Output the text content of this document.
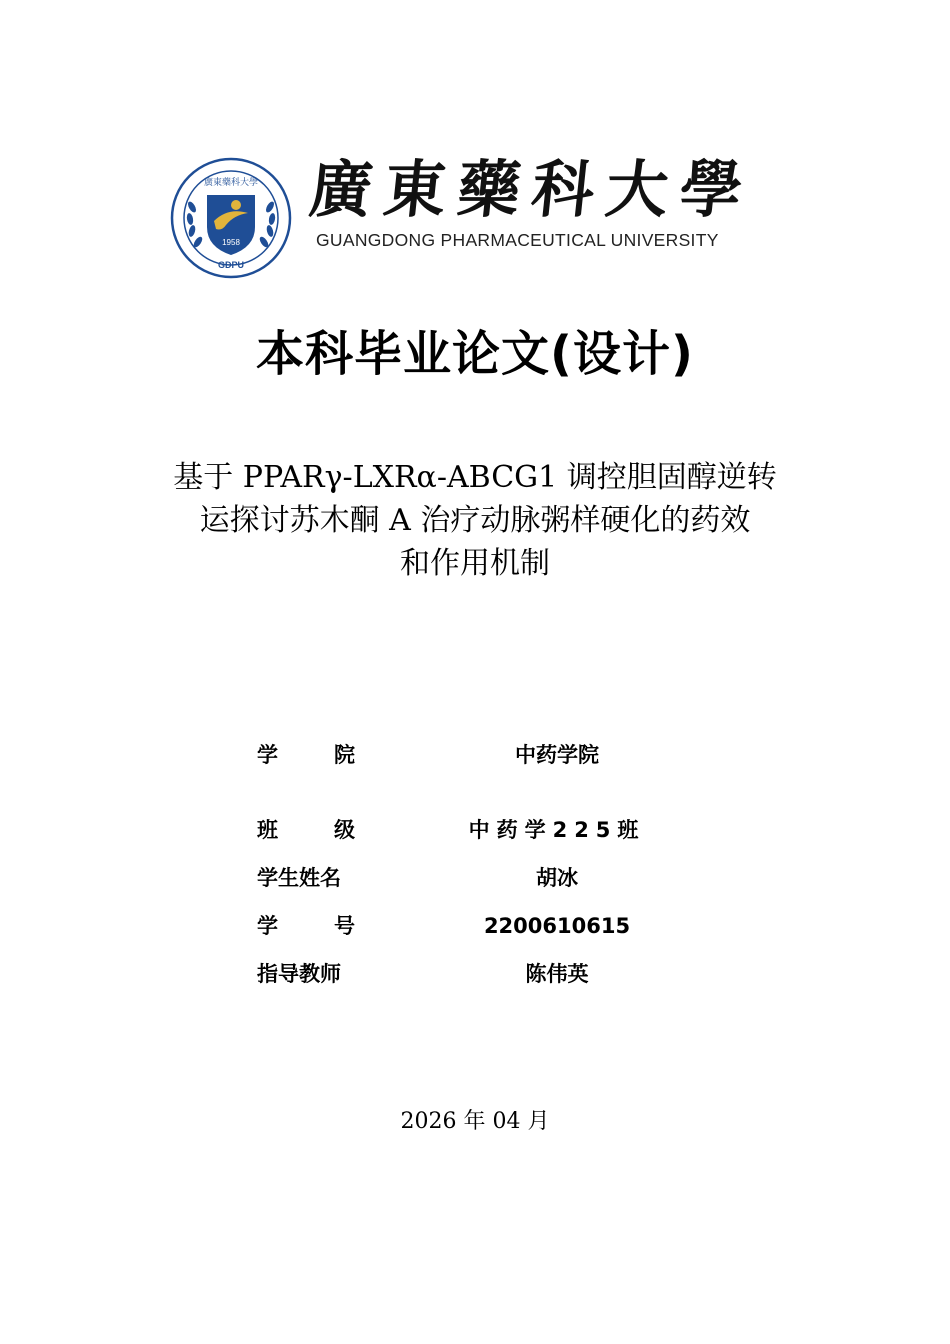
1958
廣東藥科大學
GDPU
廣東藥科大學
GUANGDONG PHARMACEUTICAL UNIVERSITY
本科毕业论文(设计)
基于 PPARγ-LXRα-ABCG1 调控胆固醇逆转
运探讨苏木酮 A 治疗动脉粥样硬化的药效
和作用机制
学院	中药学院
班级	中药学225班
学生姓名	胡冰
学号	2200610615
指导教师	陈伟英
2026 年 04 月
